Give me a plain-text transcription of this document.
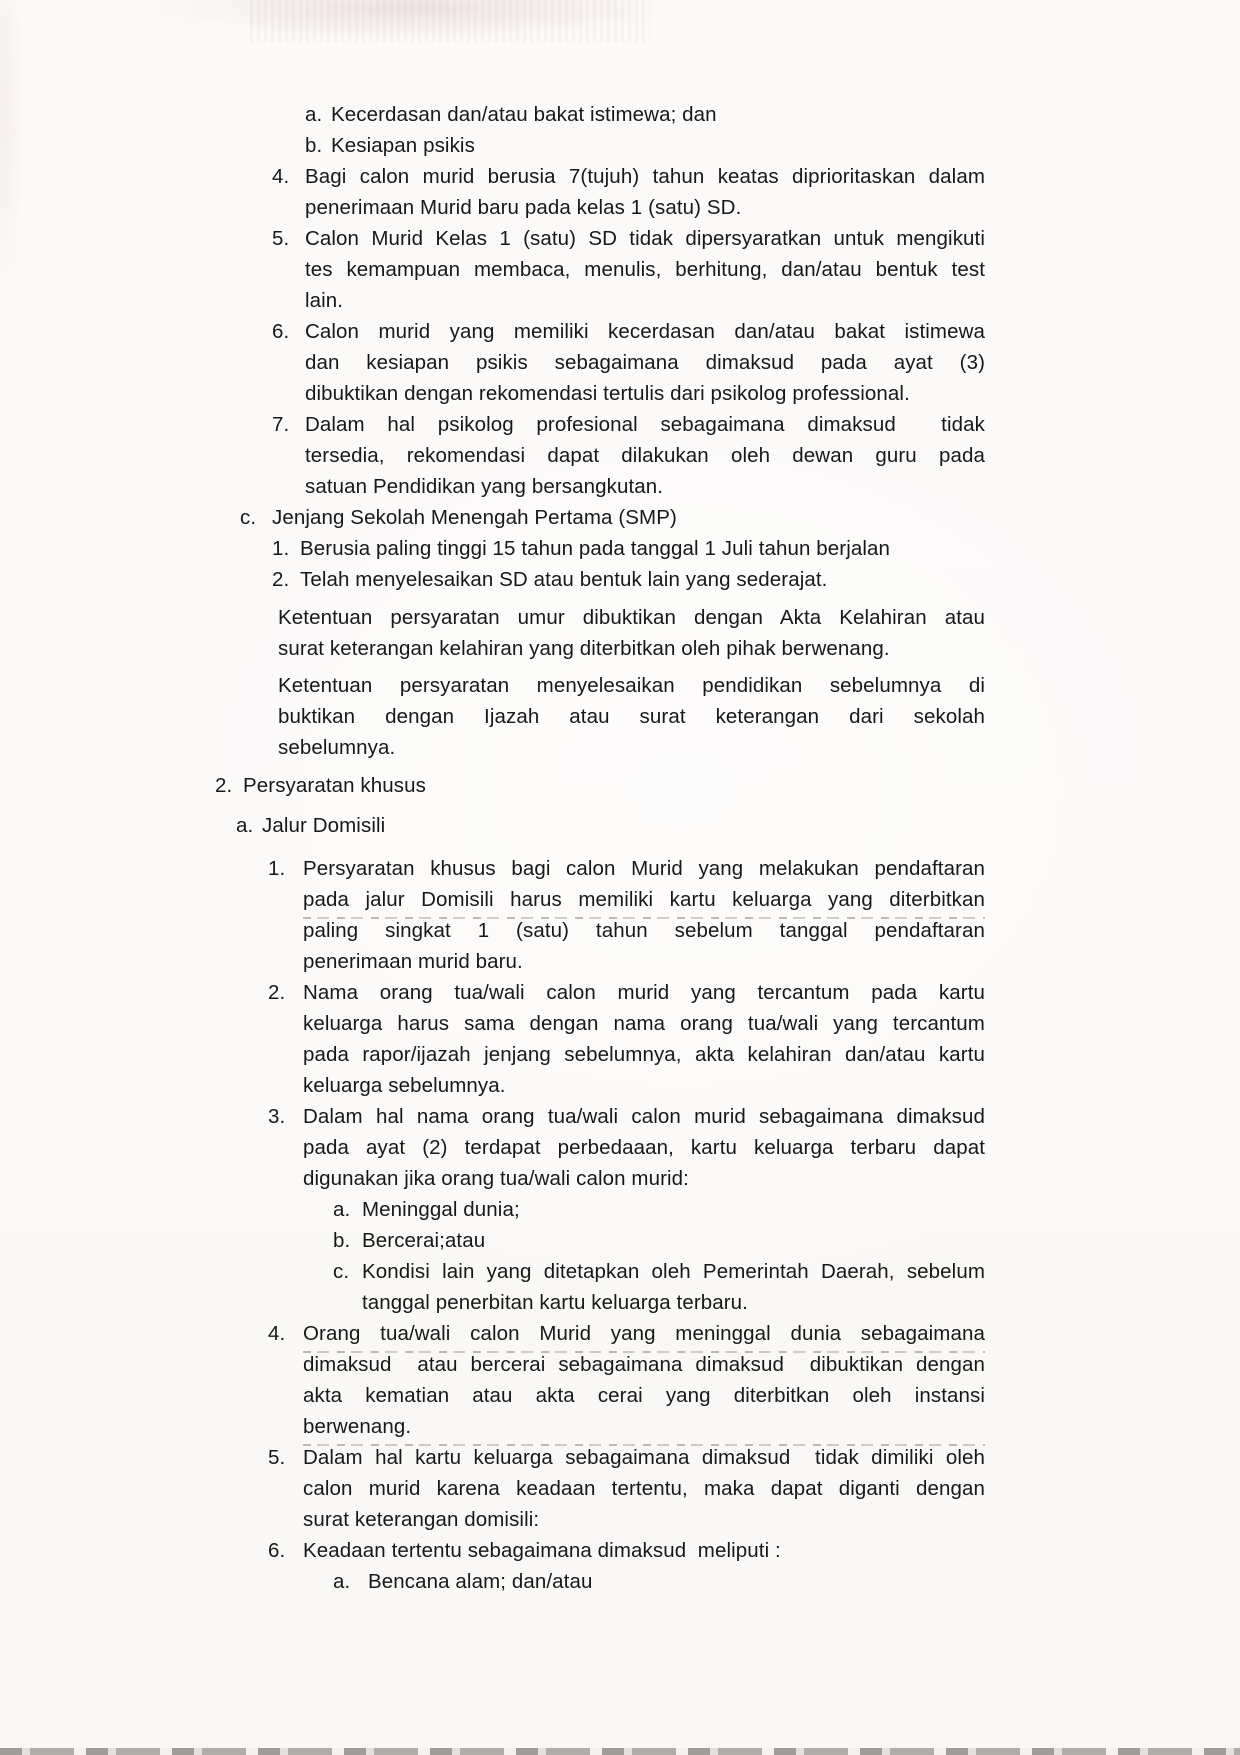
a. Kecerdasan dan/atau bakat istimewa; dan
b. Kesiapan psikis
4. Bagi calon murid berusia 7(tujuh) tahun keatas diprioritaskan dalam
penerimaan Murid baru pada kelas 1 (satu) SD.
5. Calon Murid Kelas 1 (satu) SD tidak dipersyaratkan untuk mengikuti
tes kemampuan membaca, menulis, berhitung, dan/atau bentuk test
lain.
6. Calon murid yang memiliki kecerdasan dan/atau bakat istimewa
dan kesiapan psikis sebagaimana dimaksud pada ayat (3)
dibuktikan dengan rekomendasi tertulis dari psikolog professional.
7. Dalam hal psikolog profesional sebagaimana dimaksud  tidak
tersedia, rekomendasi dapat dilakukan oleh dewan guru pada
satuan Pendidikan yang bersangkutan.
c. Jenjang Sekolah Menengah Pertama (SMP)
1. Berusia paling tinggi 15 tahun pada tanggal 1 Juli tahun berjalan
2. Telah menyelesaikan SD atau bentuk lain yang sederajat.
Ketentuan persyaratan umur dibuktikan dengan Akta Kelahiran atau
surat keterangan kelahiran yang diterbitkan oleh pihak berwenang.
Ketentuan persyaratan menyelesaikan pendidikan sebelumnya di
buktikan dengan Ijazah atau surat keterangan dari sekolah
sebelumnya.
2. Persyaratan khusus
a. Jalur Domisili
1. Persyaratan khusus bagi calon Murid yang melakukan pendaftaran
pada jalur Domisili harus memiliki kartu keluarga yang diterbitkan
paling singkat 1 (satu) tahun sebelum tanggal pendaftaran
penerimaan murid baru.
2. Nama orang tua/wali calon murid yang tercantum pada kartu
keluarga harus sama dengan nama orang tua/wali yang tercantum
pada rapor/ijazah jenjang sebelumnya, akta kelahiran dan/atau kartu
keluarga sebelumnya.
3. Dalam hal nama orang tua/wali calon murid sebagaimana dimaksud
pada ayat (2) terdapat perbedaaan, kartu keluarga terbaru dapat
digunakan jika orang tua/wali calon murid:
a. Meninggal dunia;
b. Bercerai;atau
c. Kondisi lain yang ditetapkan oleh Pemerintah Daerah, sebelum
tanggal penerbitan kartu keluarga terbaru.
4. Orang tua/wali calon Murid yang meninggal dunia sebagaimana
dimaksud  atau bercerai sebagaimana dimaksud  dibuktikan dengan
akta kematian atau akta cerai yang diterbitkan oleh instansi
berwenang.
5. Dalam hal kartu keluarga sebagaimana dimaksud  tidak dimiliki oleh
calon murid karena keadaan tertentu, maka dapat diganti dengan
surat keterangan domisili:
6. Keadaan tertentu sebagaimana dimaksud  meliputi :
a. Bencana alam; dan/atau
